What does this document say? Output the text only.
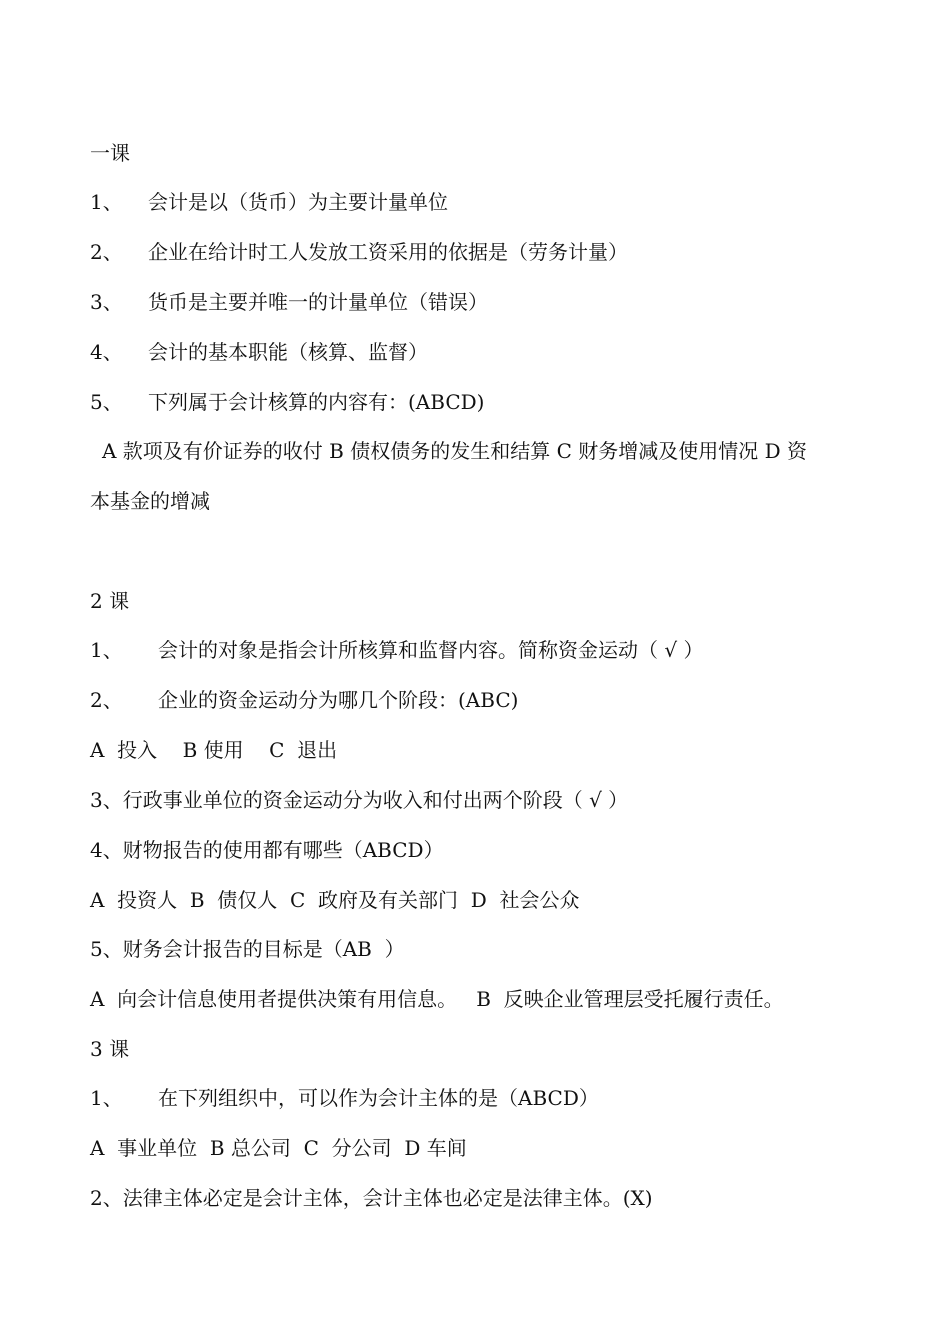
一课
1、 会计是以（货币）为主要计量单位
2、 企业在给计时工人发放工资采用的依据是（劳务计量）
3、 货币是主要并唯一的计量单位（错误）
4、 会计的基本职能（核算、监督）
5、 下列属于会计核算的内容有：(ABCD)
A 款项及有价证券的收付 B 债权债务的发生和结算 C 财务增减及使用情况 D 资
本基金的增减
2 课
1、 会计的对象是指会计所核算和监督内容。简称资金运动（ √ ）
2、 企业的资金运动分为哪几个阶段：(ABC)
A  投入    B 使用    C  退出
3、行政事业单位的资金运动分为收入和付出两个阶段（ √ ）
4、财物报告的使用都有哪些（ABCD）
A  投资人  B  债仅人  C  政府及有关部门  D  社会公众
5、财务会计报告的目标是（AB  ）
A  向会计信息使用者提供决策有用信息。   B  反映企业管理层受托履行责任。
3 课
1、 在下列组织中，可以作为会计主体的是（ABCD）
A  事业单位  B 总公司  C  分公司  D 车间
2、法律主体必定是会计主体，会计主体也必定是法律主体。(X)
